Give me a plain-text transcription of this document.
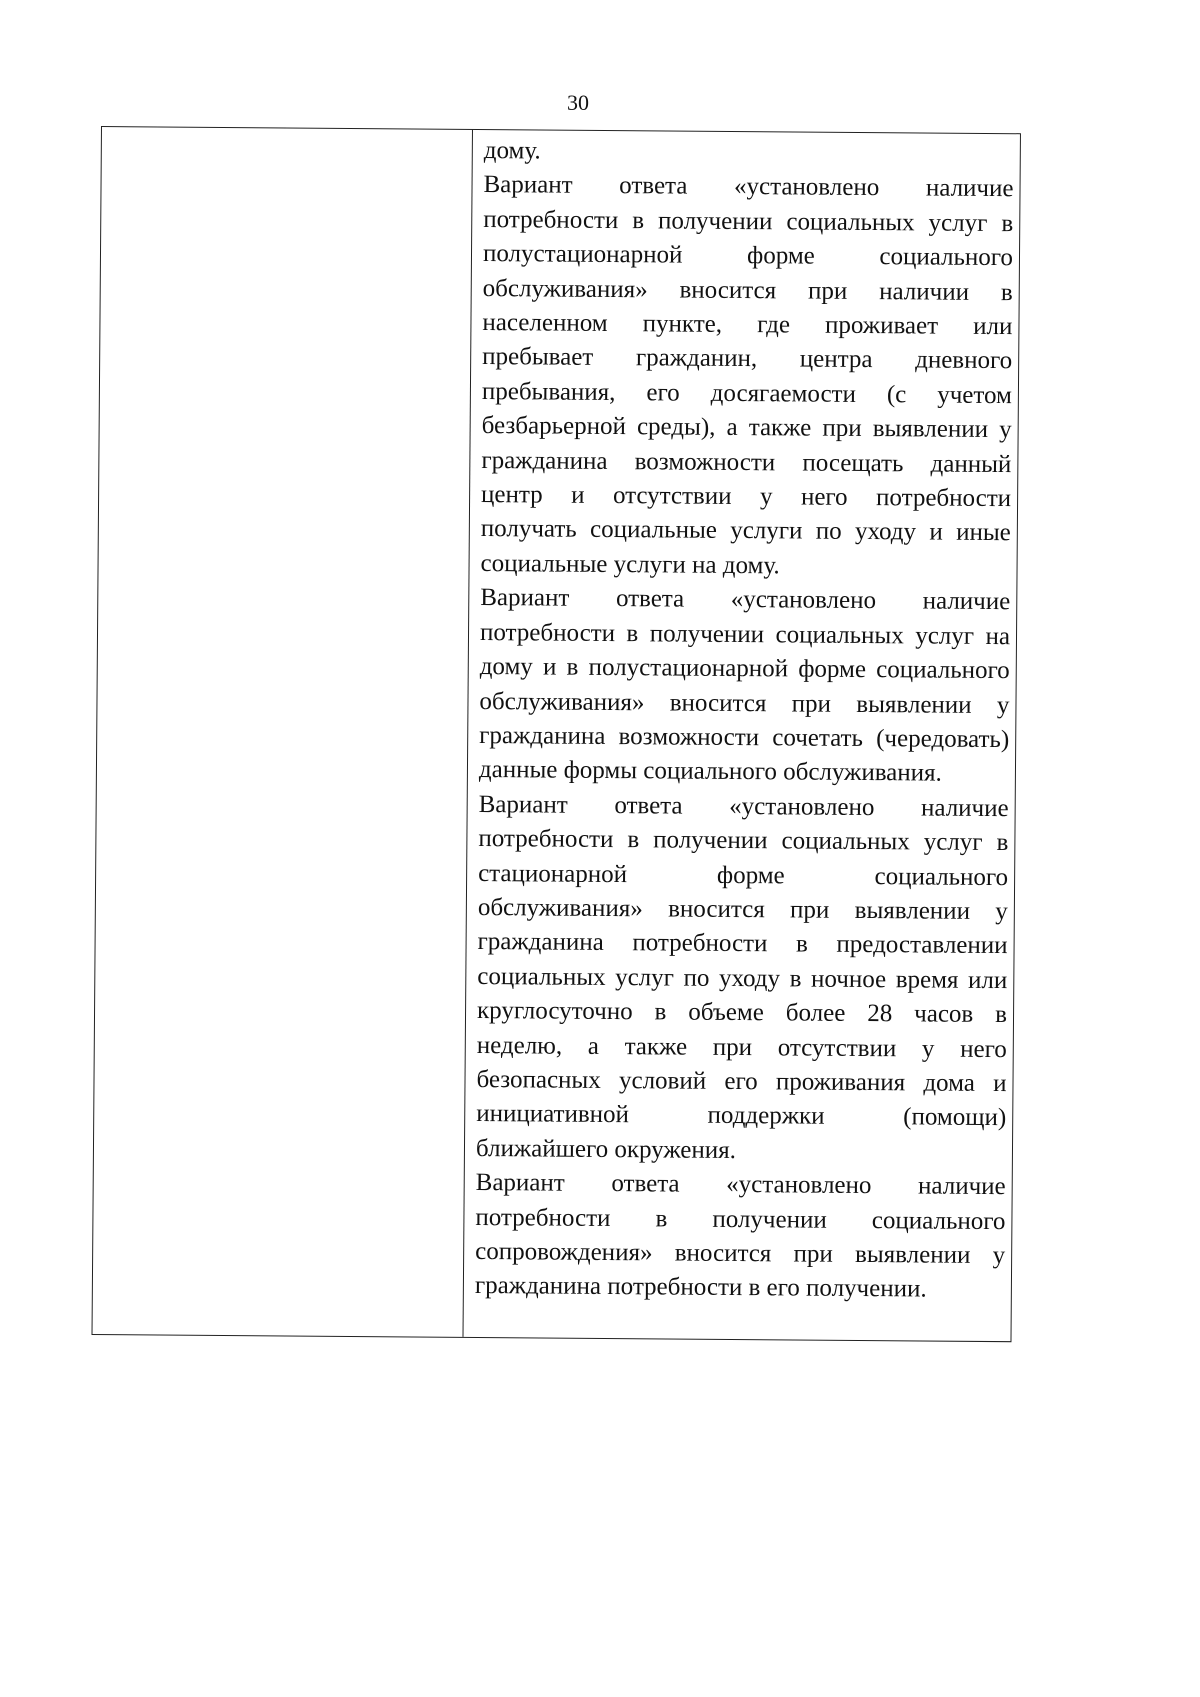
30
дому.
Вариант ответа «установлено наличие
потребности в получении социальных услуг в
полустационарной форме социального
обслуживания» вносится при наличии в
населенном пункте, где проживает или
пребывает гражданин, центра дневного
пребывания, его досягаемости (с учетом
безбарьерной среды), а также при выявлении у
гражданина возможности посещать данный
центр и отсутствии у него потребности
получать социальные услуги по уходу и иные
социальные услуги на дому.
Вариант ответа «установлено наличие
потребности в получении социальных услуг на
дому и в полустационарной форме социального
обслуживания» вносится при выявлении у
гражданина возможности сочетать (чередовать)
данные формы социального обслуживания.
Вариант ответа «установлено наличие
потребности в получении социальных услуг в
стационарной форме социального
обслуживания» вносится при выявлении у
гражданина потребности в предоставлении
социальных услуг по уходу в ночное время или
круглосуточно в объеме более 28 часов в
неделю, а также при отсутствии у него
безопасных условий его проживания дома и
инициативной поддержки (помощи)
ближайшего окружения.
Вариант ответа «установлено наличие
потребности в получении социального
сопровождения» вносится при выявлении у
гражданина потребности в его получении.
